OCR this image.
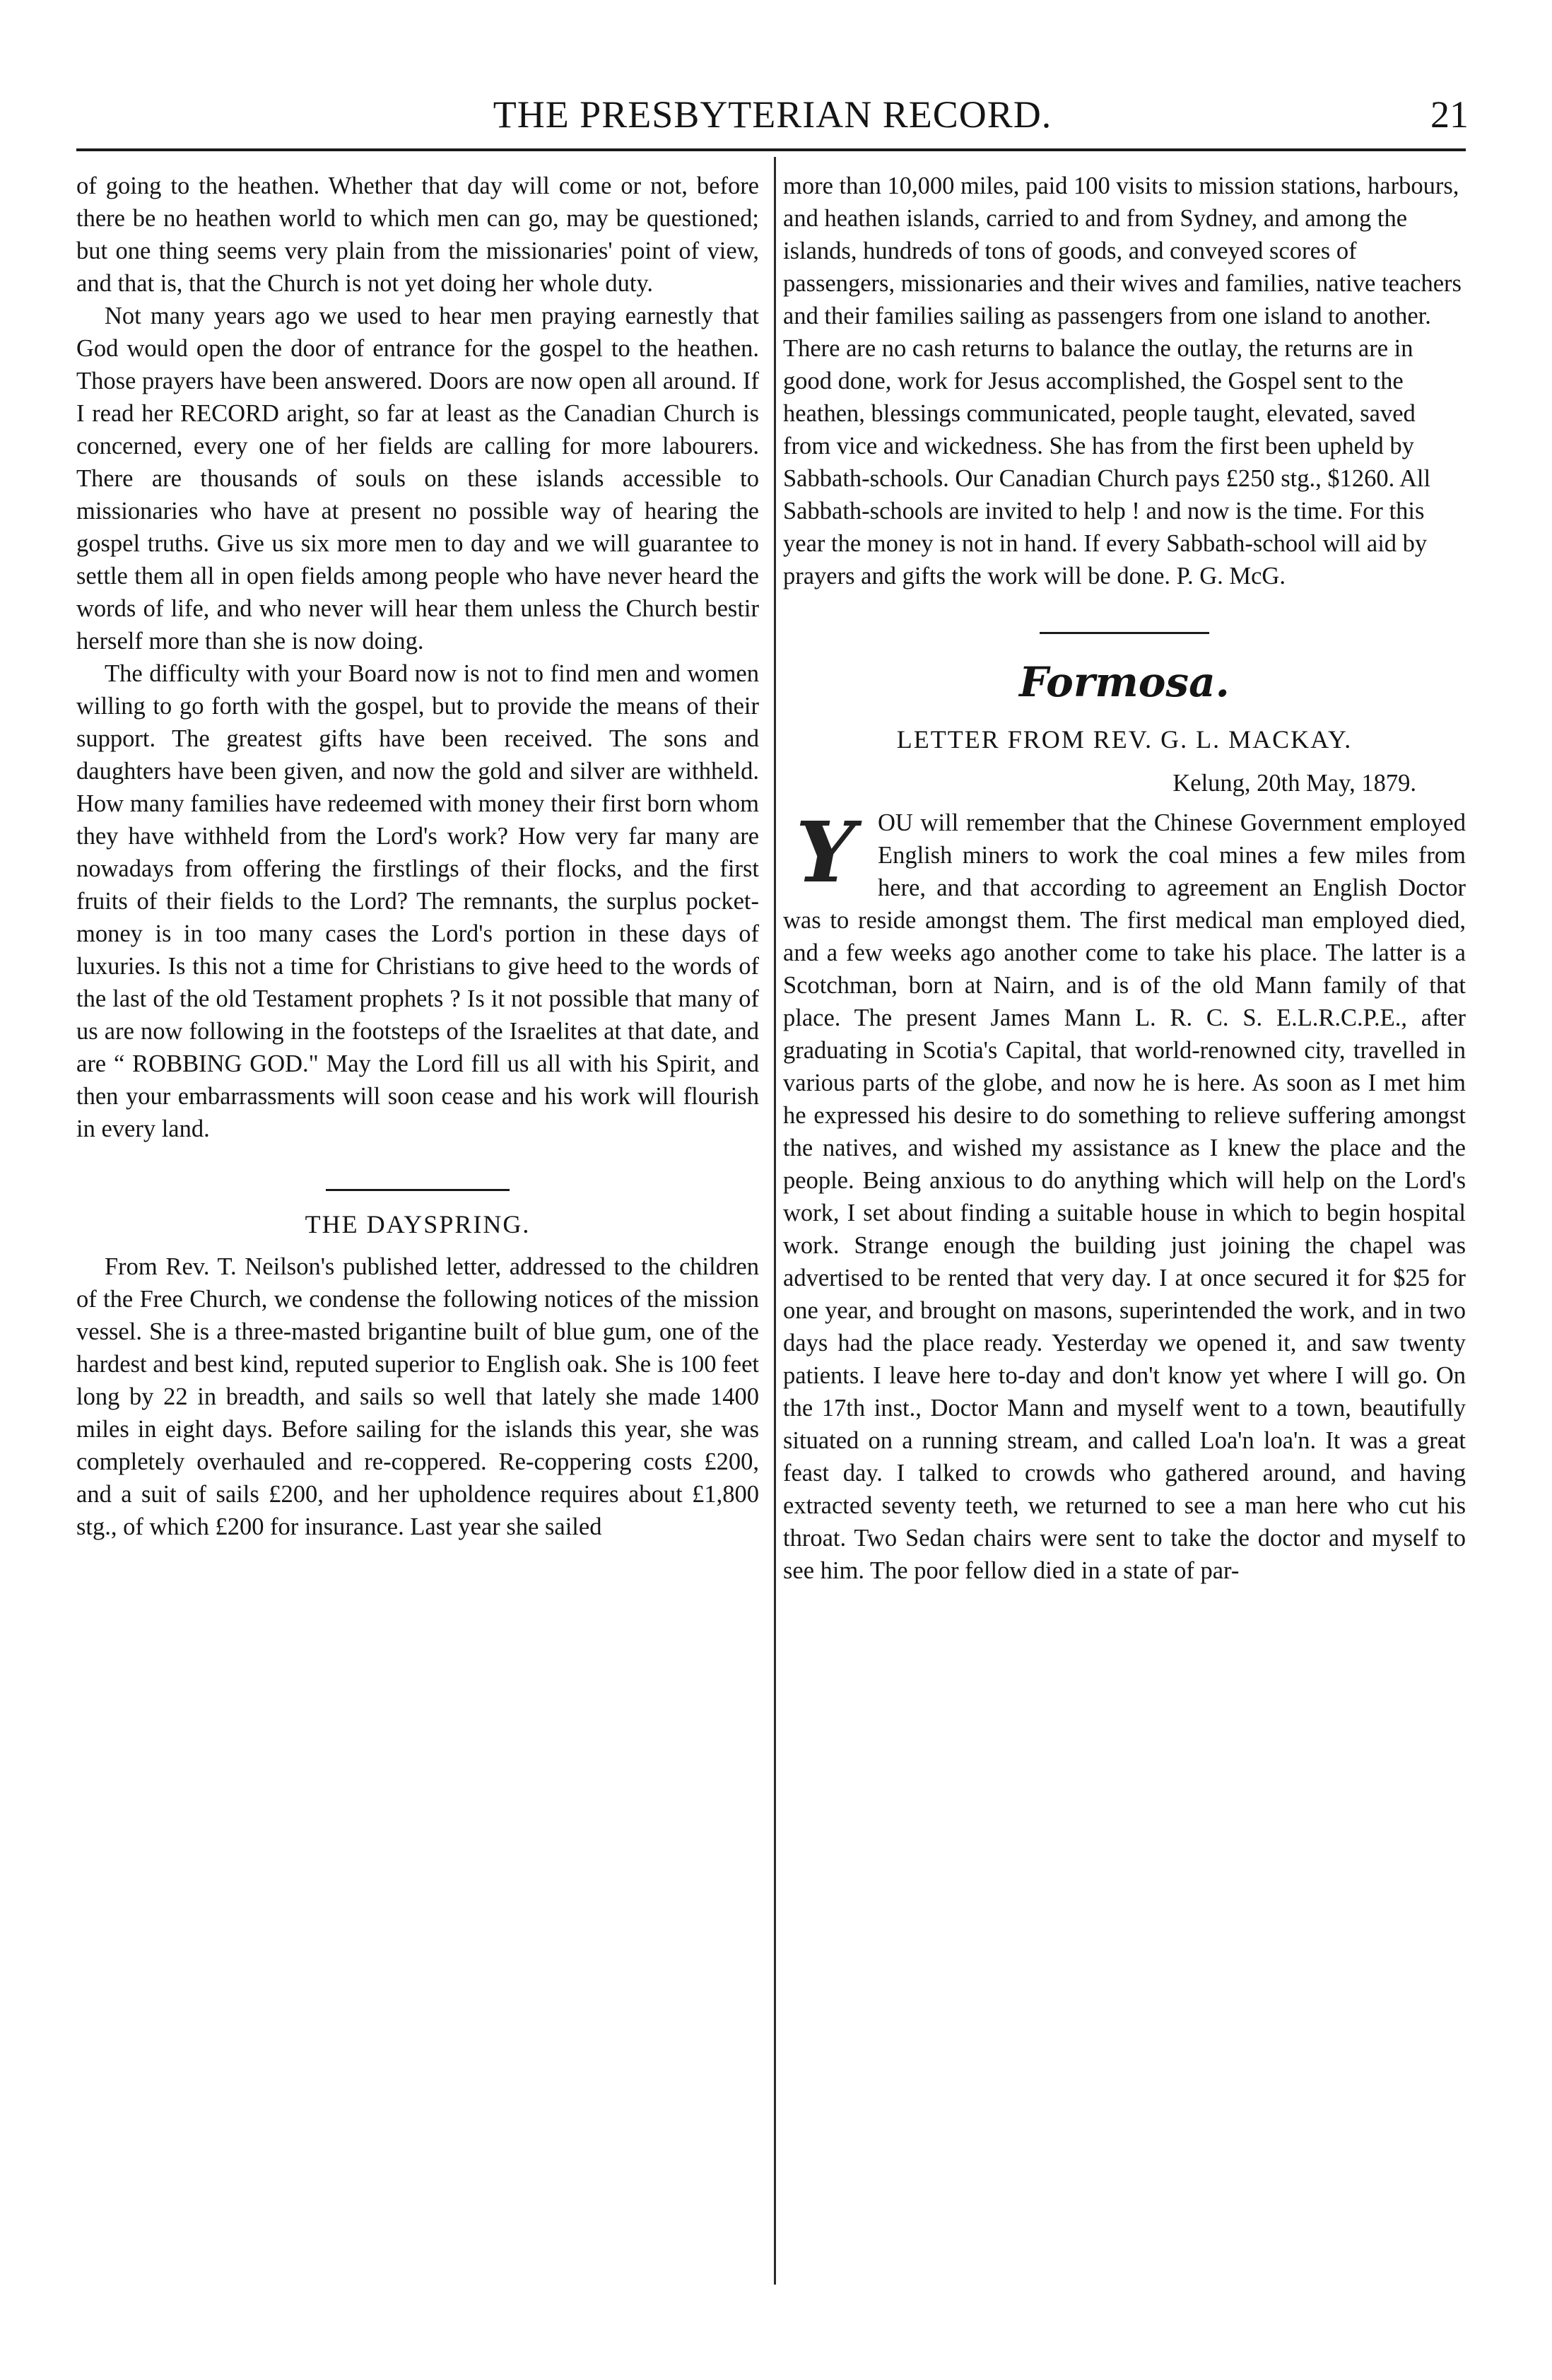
THE PRESBYTERIAN RECORD.	21

of going to the heathen. Whether that day will come or not, before there be no heathen world to which men can go, may be questioned; but one thing seems very plain from the missionaries' point of view, and that is, that the Church is not yet doing her whole duty.

Not many years ago we used to hear men praying earnestly that God would open the door of entrance for the gospel to the heathen. Those prayers have been answered. Doors are now open all around. If I read her RECORD aright, so far at least as the Canadian Church is concerned, every one of her fields are calling for more labourers. There are thousands of souls on these islands accessible to missionaries who have at present no possible way of hearing the gospel truths. Give us six more men to day and we will guarantee to settle them all in open fields among people who have never heard the words of life, and who never will hear them unless the Church bestir herself more than she is now doing.

The difficulty with your Board now is not to find men and women willing to go forth with the gospel, but to provide the means of their support. The greatest gifts have been received. The sons and daughters have been given, and now the gold and silver are withheld. How many families have redeemed with money their first born whom they have withheld from the Lord's work? How very far many are nowadays from offering the firstlings of their flocks, and the first fruits of their fields to the Lord? The remnants, the surplus pocket-money is in too many cases the Lord's portion in these days of luxuries. Is this not a time for Christians to give heed to the words of the last of the old Testament prophets ? Is it not possible that many of us are now following in the footsteps of the Israelites at that date, and are “ ROBBING GOD." May the Lord fill us all with his Spirit, and then your embarrassments will soon cease and his work will flourish in every land.

THE DAYSPRING.

From Rev. T. Neilson's published letter, addressed to the children of the Free Church, we condense the following notices of the mission vessel. She is a three-masted brigantine built of blue gum, one of the hardest and best kind, reputed superior to English oak. She is 100 feet long by 22 in breadth, and sails so well that lately she made 1400 miles in eight days. Before sailing for the islands this year, she was completely overhauled and re-coppered. Re-coppering costs £200, and a suit of sails £200, and her upholdence requires about £1,800 stg., of which £200 for insurance. Last year she sailed

more than 10,000 miles, paid 100 visits to mission stations, harbours, and heathen islands, carried to and from Sydney, and among the islands, hundreds of tons of goods, and conveyed scores of passengers, missionaries and their wives and families, native teachers and their families sailing as passengers from one island to another. There are no cash returns to balance the outlay, the returns are in good done, work for Jesus accomplished, the Gospel sent to the heathen, blessings communicated, people taught, elevated, saved from vice and wickedness. She has from the first been upheld by Sabbath-schools. Our Canadian Church pays £250 stg., $1260. All Sabbath-schools are invited to help ! and now is the time. For this year the money is not in hand. If every Sabbath-school will aid by prayers and gifts the work will be done. P. G. McG.

Formosa.
LETTER FROM REV. G. L. MACKAY.
Kelung, 20th May, 1879.
Y OU will remember that the Chinese Government employed English miners to work the coal mines a few miles from here, and that according to agreement an English Doctor was to reside amongst them. The first medical man employed died, and a few weeks ago another come to take his place. The latter is a Scotchman, born at Nairn, and is of the old Mann family of that place. The present James Mann L. R. C. S. E.L.R.C.P.E., after graduating in Scotia's Capital, that world-renowned city, travelled in various parts of the globe, and now he is here. As soon as I met him he expressed his desire to do something to relieve suffering amongst the natives, and wished my assistance as I knew the place and the people. Being anxious to do anything which will help on the Lord's work, I set about finding a suitable house in which to begin hospital work. Strange enough the building just joining the chapel was advertised to be rented that very day. I at once secured it for $25 for one year, and brought on masons, superintended the work, and in two days had the place ready. Yesterday we opened it, and saw twenty patients. I leave here to-day and don't know yet where I will go. On the 17th inst., Doctor Mann and myself went to a town, beautifully situated on a running stream, and called Loa'n loa'n. It was a great feast day. I talked to crowds who gathered around, and having extracted seventy teeth, we returned to see a man here who cut his throat. Two Sedan chairs were sent to take the doctor and myself to see him. The poor fellow died in a state of par-
